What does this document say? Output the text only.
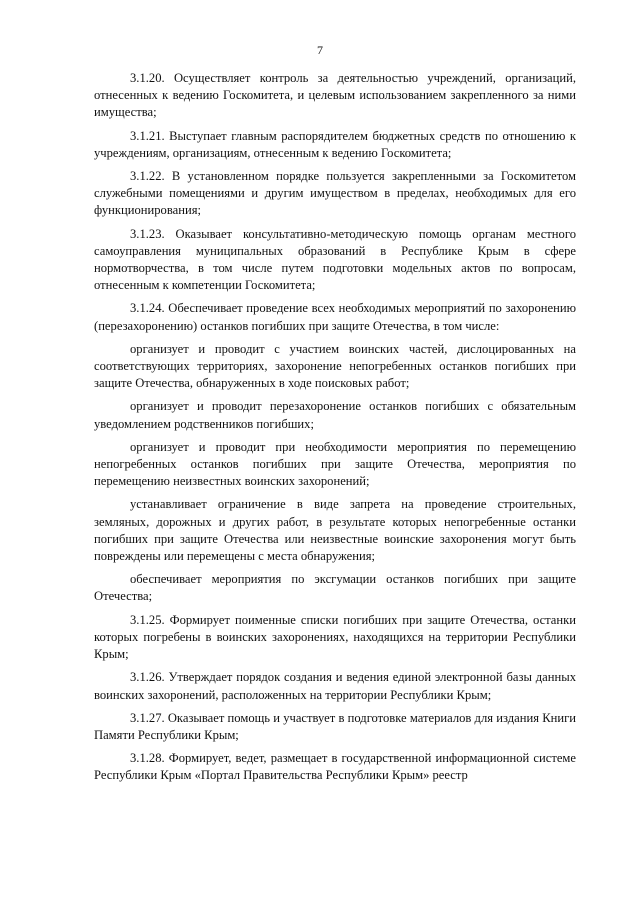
7

3.1.20. Осуществляет контроль за деятельностью учреждений, организаций, отнесенных к ведению Госкомитета, и целевым использованием закрепленного за ними имущества;

3.1.21. Выступает главным распорядителем бюджетных средств по отношению к учреждениям, организациям, отнесенным к ведению Госкомитета;

3.1.22. В установленном порядке пользуется закрепленными за Госкомитетом служебными помещениями и другим имуществом в пределах, необходимых для его функционирования;

3.1.23. Оказывает консультативно-методическую помощь органам местного самоуправления муниципальных образований в Республике Крым в сфере нормотворчества, в том числе путем подготовки модельных актов по вопросам, отнесенным к компетенции Госкомитета;

3.1.24. Обеспечивает проведение всех необходимых мероприятий по захоронению (перезахоронению) останков погибших при защите Отечества, в том числе:

организует и проводит с участием воинских частей, дислоцированных на соответствующих территориях, захоронение непогребенных останков погибших при защите Отечества, обнаруженных в ходе поисковых работ;

организует и проводит перезахоронение останков погибших с обязательным уведомлением родственников погибших;

организует и проводит при необходимости мероприятия по перемещению непогребенных останков погибших при защите Отечества, мероприятия по перемещению неизвестных воинских захоронений;

устанавливает ограничение в виде запрета на проведение строительных, земляных, дорожных и других работ, в результате которых непогребенные останки погибших при защите Отечества или неизвестные воинские захоронения могут быть повреждены или перемещены с места обнаружения;

обеспечивает мероприятия по эксгумации останков погибших при защите Отечества;

3.1.25. Формирует поименные списки погибших при защите Отечества, останки которых погребены в воинских захоронениях, находящихся на территории Республики Крым;

3.1.26. Утверждает порядок создания и ведения единой электронной базы данных воинских захоронений, расположенных на территории Республики Крым;

3.1.27. Оказывает помощь и участвует в подготовке материалов для издания Книги Памяти Республики Крым;

3.1.28. Формирует, ведет, размещает в государственной информационной системе Республики Крым «Портал Правительства Республики Крым» реестр
